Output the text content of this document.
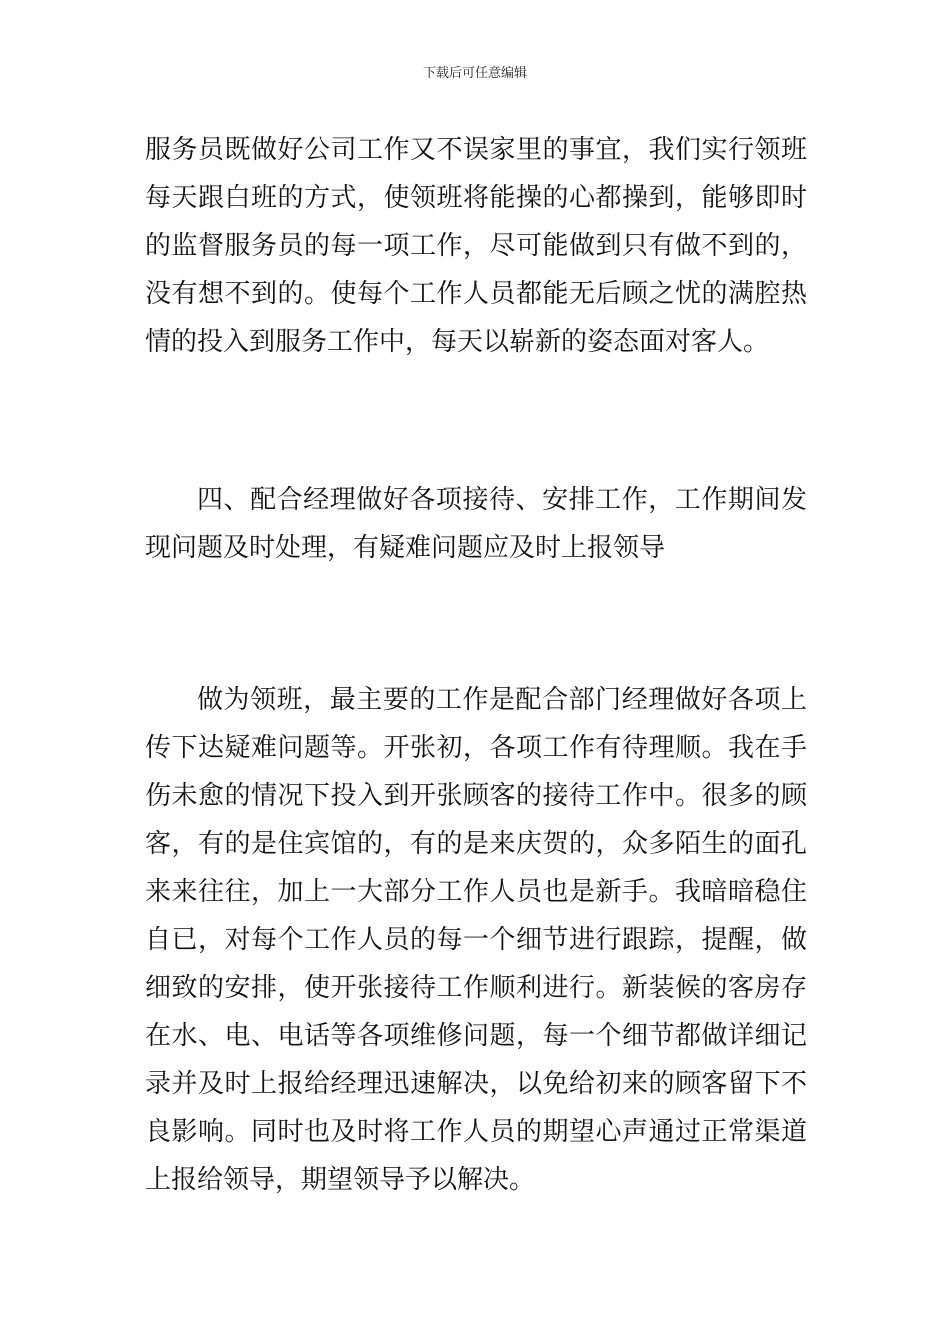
下载后可任意编辑

服务员既做好公司工作又不误家里的事宜，我们实行领班每天跟白班的方式，使领班将能操的心都操到，能够即时的监督服务员的每一项工作，尽可能做到只有做不到的，没有想不到的。使每个工作人员都能无后顾之忧的满腔热情的投入到服务工作中，每天以崭新的姿态面对客人。

四、配合经理做好各项接待、安排工作，工作期间发现问题及时处理，有疑难问题应及时上报领导

做为领班，最主要的工作是配合部门经理做好各项上传下达疑难问题等。开张初，各项工作有待理顺。我在手伤未愈的情况下投入到开张顾客的接待工作中。很多的顾客，有的是住宾馆的，有的是来庆贺的，众多陌生的面孔来来往往，加上一大部分工作人员也是新手。我暗暗稳住自已，对每个工作人员的每一个细节进行跟踪，提醒，做细致的安排，使开张接待工作顺利进行。新装候的客房存在水、电、电话等各项维修问题，每一个细节都做详细记录并及时上报给经理迅速解决，以免给初来的顾客留下不良影响。同时也及时将工作人员的期望心声通过正常渠道上报给领导，期望领导予以解决。
